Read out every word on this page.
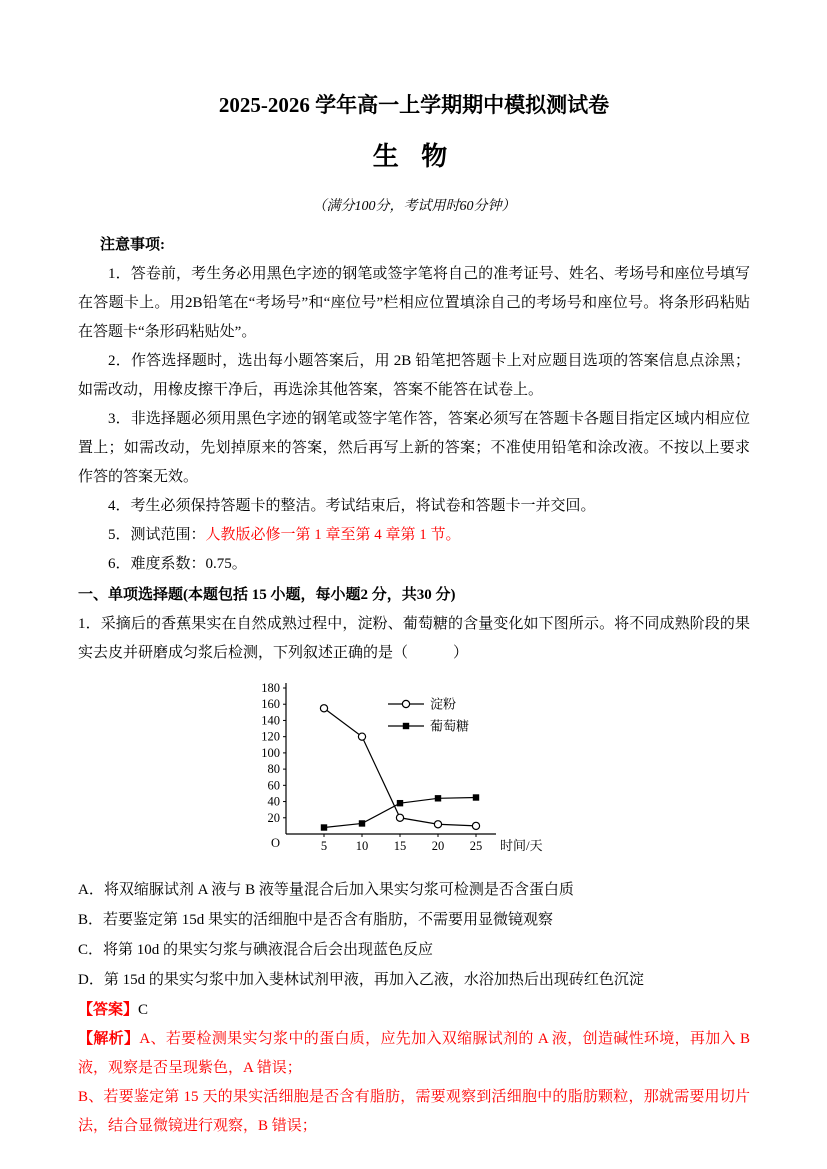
2025-2026 学年高一上学期期中模拟测试卷
生 物

（满分100分，考试用时60分钟）

注意事项:

1．答卷前，考生务必用黑色字迹的钢笔或签字笔将自己的准考证号、姓名、考场号和座位号填写在答题卡上。用2B铅笔在“考场号”和“座位号”栏相应位置填涂自己的考场号和座位号。将条形码粘贴在答题卡“条形码粘贴处”。

2．作答选择题时，选出每小题答案后，用 2B 铅笔把答题卡上对应题目选项的答案信息点涂黑；如需改动，用橡皮擦干净后，再选涂其他答案，答案不能答在试卷上。

3．非选择题必须用黑色字迹的钢笔或签字笔作答，答案必须写在答题卡各题目指定区域内相应位置上；如需改动，先划掉原来的答案，然后再写上新的答案；不准使用铅笔和涂改液。不按以上要求作答的答案无效。

4．考生必须保持答题卡的整洁。考试结束后，将试卷和答题卡一并交回。

5．测试范围：人教版必修一第 1 章至第 4 章第 1 节。

6．难度系数：0.75。

一、单项选择题(本题包括 15 小题，每小题2 分，共30 分)

1．采摘后的香蕉果实在自然成熟过程中，淀粉、葡萄糖的含量变化如下图所示。将不同成熟阶段的果实去皮并研磨成匀浆后检测，下列叙述正确的是（　　　）

20
40
60
80
100
120
140
160
180
O	5 10 15 20 25 时间/天
淀粉
葡萄糖

A．将双缩脲试剂 A 液与 B 液等量混合后加入果实匀浆可检测是否含蛋白质

B．若要鉴定第 15d 果实的活细胞中是否含有脂肪，不需要用显微镜观察

C．将第 10d 的果实匀浆与碘液混合后会出现蓝色反应

D．第 15d 的果实匀浆中加入斐林试剂甲液，再加入乙液，水浴加热后出现砖红色沉淀

【答案】C

【解析】A、若要检测果实匀浆中的蛋白质，应先加入双缩脲试剂的 A 液，创造碱性环境，再加入 B 液，观察是否呈现紫色，A 错误；

B、若要鉴定第 15 天的果实活细胞是否含有脂肪，需要观察到活细胞中的脂肪颗粒，那就需要用切片法，结合显微镜进行观察，B 错误；
